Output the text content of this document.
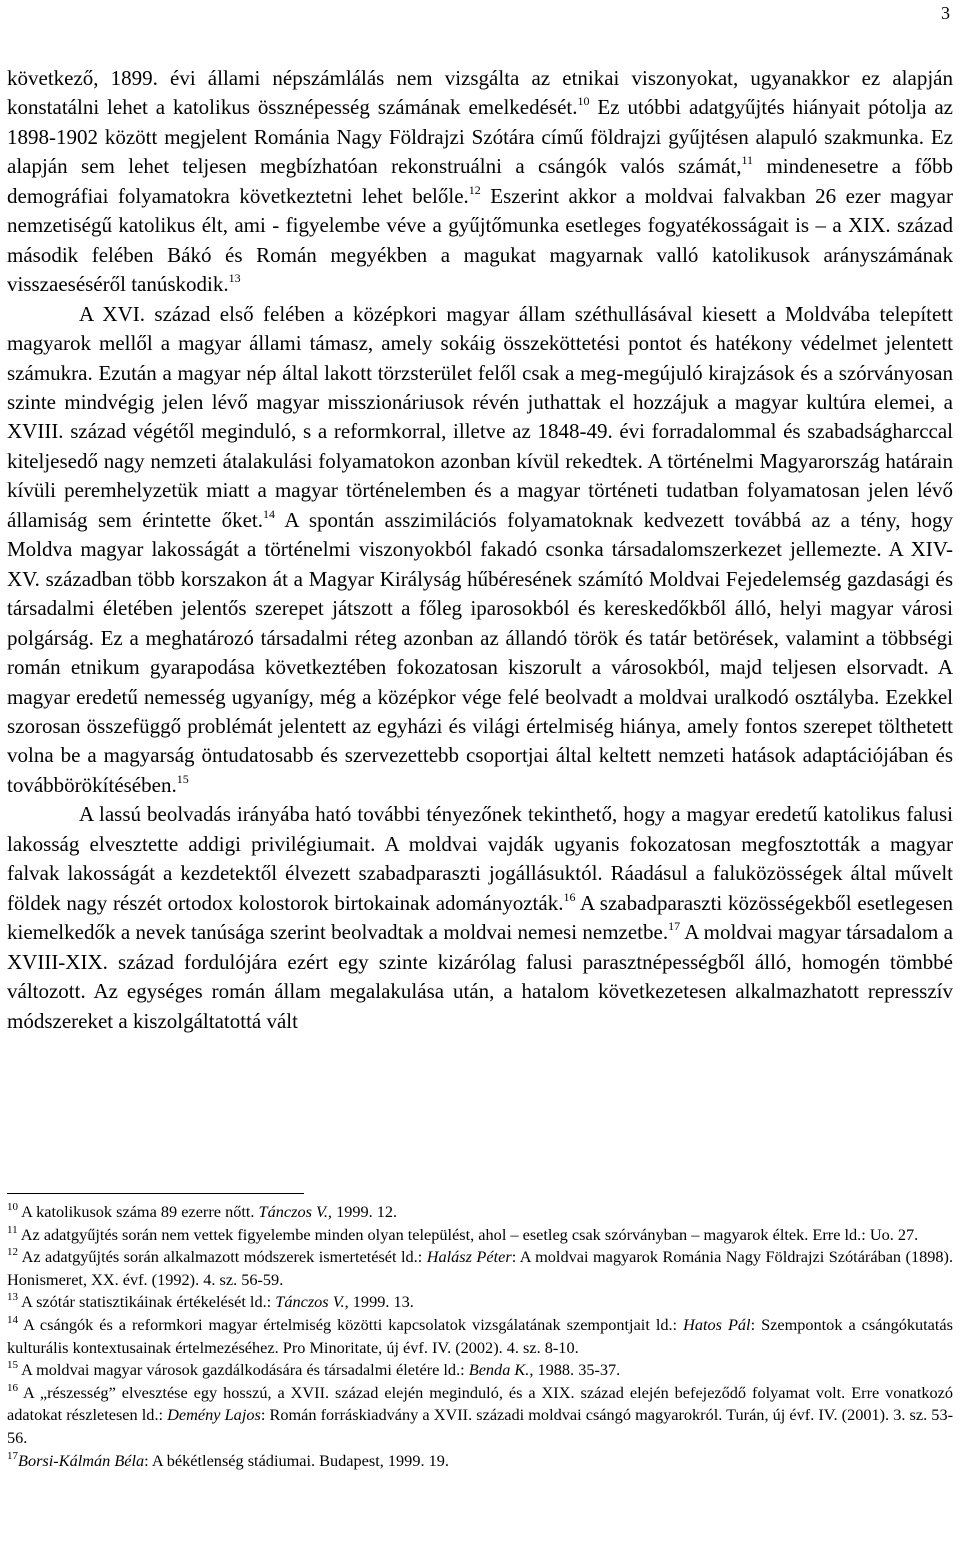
3
következő, 1899. évi állami népszámlálás nem vizsgálta az etnikai viszonyokat, ugyanakkor ez alapján konstatálni lehet a katolikus össznépesség számának emelkedését.$^{10}$ Ez utóbbi adatgyűjtés hiányait pótolja az 1898-1902 között megjelent Románia Nagy Földrajzi Szótára című földrajzi gyűjtésen alapuló szakmunka. Ez alapján sem lehet teljesen megbízhatóan rekonstruálni a csángók valós számát,$^{11}$ mindenesetre a főbb demográfiai folyamatokra következtetni lehet belőle.$^{12}$ Eszerint akkor a moldvai falvakban 26 ezer magyar nemzetiségű katolikus élt, ami - figyelembe véve a gyűjtőmunka esetleges fogyatékosságait is – a XIX. század második felében Bákó és Román megyékben a magukat magyarnak valló katolikusok arányszámának visszaeséséről tanúskodik.$^{13}$
A XVI. század első felében a középkori magyar állam széthullásával kiesett a Moldvába telepített magyarok mellől a magyar állami támasz, amely sokáig összeköttetési pontot és hatékony védelmet jelentett számukra. Ezután a magyar nép által lakott törzsterület felől csak a meg-megújuló kirajzások és a szórványosan szinte mindvégig jelen lévő magyar misszionáriusok révén juthattak el hozzájuk a magyar kultúra elemei, a XVIII. század végétől meginduló, s a reformkorral, illetve az 1848-49. évi forradalommal és szabadságharccal kiteljesedő nagy nemzeti átalakulási folyamatokon azonban kívül rekedtek. A történelmi Magyarország határain kívüli peremhelyzetük miatt a magyar történelemben és a magyar történeti tudatban folyamatosan jelen lévő államiság sem érintette őket.$^{14}$ A spontán asszimilációs folyamatoknak kedvezett továbbá az a tény, hogy Moldva magyar lakosságát a történelmi viszonyokból fakadó csonka társadalomszerkezet jellemezte. A XIV-XV. században több korszakon át a Magyar Királyság hűbéresének számító Moldvai Fejedelemség gazdasági és társadalmi életében jelentős szerepet játszott a főleg iparosokból és kereskedőkből álló, helyi magyar városi polgárság. Ez a meghatározó társadalmi réteg azonban az állandó török és tatár betörések, valamint a többségi román etnikum gyarapodása következtében fokozatosan kiszorult a városokból, majd teljesen elsorvadt. A magyar eredetű nemesség ugyanígy, még a középkor vége felé beolvadt a moldvai uralkodó osztályba. Ezekkel szorosan összefüggő problémát jelentett az egyházi és világi értelmiség hiánya, amely fontos szerepet tölthetett volna be a magyarság öntudatosabb és szervezettebb csoportjai által keltett nemzeti hatások adaptációjában és továbbörökítésében.$^{15}$
A lassú beolvadás irányába ható további tényezőnek tekinthető, hogy a magyar eredetű katolikus falusi lakosság elvesztette addigi privilégiumait. A moldvai vajdák ugyanis fokozatosan megfosztották a magyar falvak lakosságát a kezdetektől élvezett szabadparaszti jogállásuktól. Ráadásul a faluközösségek által művelt földek nagy részét ortodox kolostorok birtokainak adományozták.$^{16}$ A szabadparaszti közösségekből esetlegesen kiemelkedők a nevek tanúsága szerint beolvadtak a moldvai nemesi nemzetbe.$^{17}$ A moldvai magyar társadalom a XVIII-XIX. század fordulójára ezért egy szinte kizárólag falusi parasztnépességből álló, homogén tömbbé változott. Az egységes román állam megalakulása után, a hatalom következetesen alkalmazhatott represszív módszereket a kiszolgáltatottá vált
$^{10}$ A katolikusok száma 89 ezerre nőtt. Tánczos V., 1999. 12.
$^{11}$ Az adatgyűjtés során nem vettek figyelembe minden olyan települést, ahol – esetleg csak szórványban – magyarok éltek. Erre ld.: Uo. 27.
$^{12}$ Az adatgyűjtés során alkalmazott módszerek ismertetését ld.: Halász Péter: A moldvai magyarok Románia Nagy Földrajzi Szótárában (1898). Honismeret, XX. évf. (1992). 4. sz. 56-59.
$^{13}$ A szótár statisztikáinak értékelését ld.: Tánczos V., 1999. 13.
$^{14}$ A csángók és a reformkori magyar értelmiség közötti kapcsolatok vizsgálatának szempontjait ld.: Hatos Pál: Szempontok a csángókutatás kulturális kontextusainak értelmezéséhez. Pro Minoritate, új évf. IV. (2002). 4. sz. 8-10.
$^{15}$ A moldvai magyar városok gazdálkodására és társadalmi életére ld.: Benda K., 1988. 35-37.
$^{16}$ A „részesség” elvesztése egy hosszú, a XVII. század elején meginduló, és a XIX. század elején befejeződő folyamat volt. Erre vonatkozó adatokat részletesen ld.: Demény Lajos: Román forráskiadvány a XVII. századi moldvai csángó magyarokról. Turán, új évf. IV. (2001). 3. sz. 53-56.
$^{17}$Borsi-Kálmán Béla: A békétlenség stádiumai. Budapest, 1999. 19.
